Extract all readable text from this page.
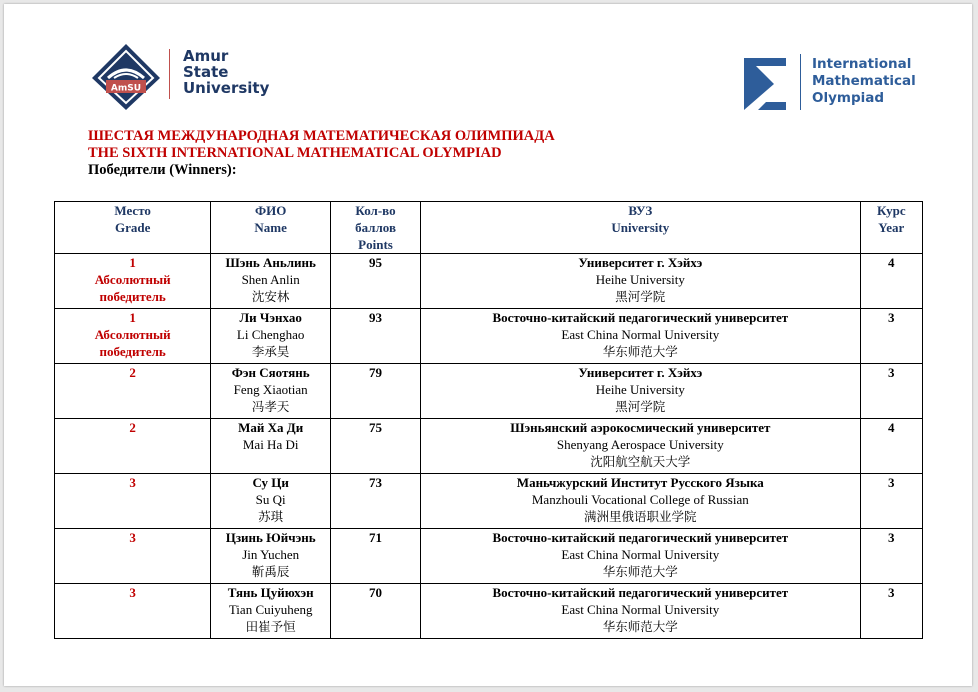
AmSU
Amur
State
University
International
Mathematical
Olympiad
ШЕСТАЯ МЕЖДУНАРОДНАЯ МАТЕМАТИЧЕСКАЯ ОЛИМПИАДА
THE SIXTH INTERNATIONAL MATHEMATICAL OLYMPIAD
Победители (Winners):
Место
Grade	ФИО
Name	Кол-во
баллов
Points	ВУЗ
University	Курс
Year

1
Абсолютный
победитель	Шэнь Аньлинь
Shen Anlin
沈安林	95	Университет г. Хэйхэ
Heihe University
黑河学院	4

1
Абсолютный
победитель	Ли Чэнхао
Li Chenghao
李承昊	93	Восточно-китайский педагогический университет
East China Normal University
华东师范大学	3

2	Фэн Сяотянь
Feng Xiaotian
冯孝天	79	Университет г. Хэйхэ
Heihe University
黑河学院	3

2	Май Ха Ди
Mai Ha Di	75	Шэньянский аэрокосмический университет
Shenyang Aerospace University
沈阳航空航天大学	4

3	Су Ци
Su Qi
苏琪	73	Маньчжурский Институт Русского Языка
Manzhouli Vocational College of Russian
满洲里俄语职业学院	3

3	Цзинь Юйчэнь
Jin Yuchen
靳禹辰	71	Восточно-китайский педагогический университет
East China Normal University
华东师范大学	3

3	Тянь Цуйюхэн
Tian Cuiyuheng
田崔予恒	70	Восточно-китайский педагогический университет
East China Normal University
华东师范大学	3
